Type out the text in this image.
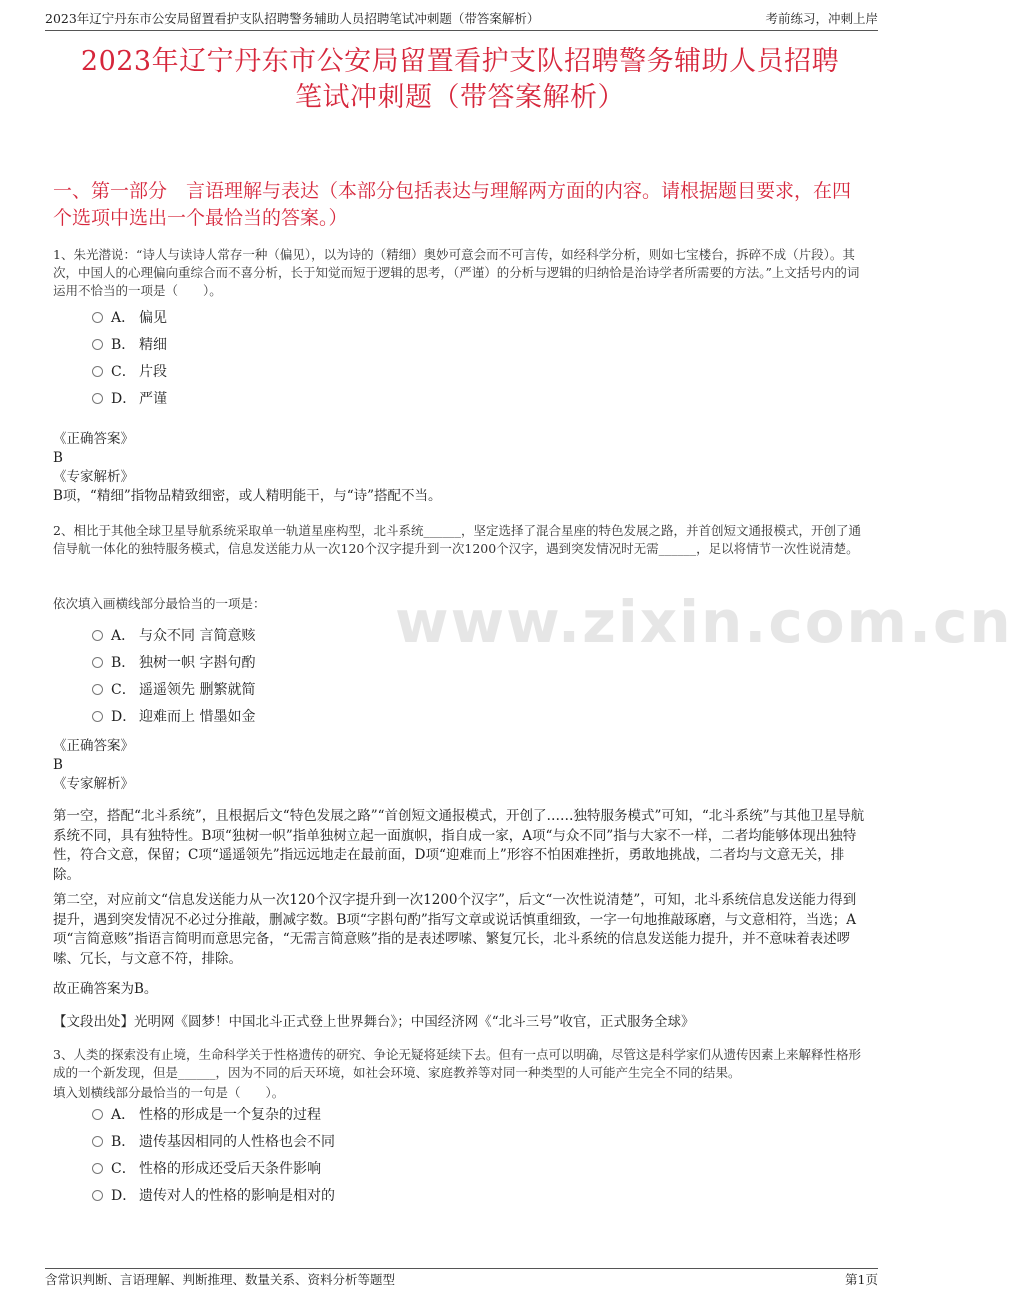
2023年辽宁丹东市公安局留置看护支队招聘警务辅助人员招聘笔试冲刺题（带答案解析）	考前练习，冲刺上岸
2023年辽宁丹东市公安局留置看护支队招聘警务辅助人员招聘
笔试冲刺题（带答案解析）
一、第一部分　言语理解与表达（本部分包括表达与理解两方面的内容。请根据题目要求，在四个选项中选出一个最恰当的答案。）
www.zixin.com.cn
1、朱光潜说：“诗人与读诗人常存一种（偏见），以为诗的（精细）奥妙可意会而不可言传，如经科学分析，则如七宝楼台，拆碎不成（片段）。其次，中国人的心理偏向重综合而不喜分析，长于知觉而短于逻辑的思考，（严谨）的分析与逻辑的归纳恰是治诗学者所需要的方法。”上文括号内的词运用不恰当的一项是（　　）。
A． 偏见
B． 精细
C． 片段
D． 严谨
《正确答案》
B
《专家解析》
B项，“精细”指物品精致细密，或人精明能干，与“诗”搭配不当。
2、相比于其他全球卫星导航系统采取单一轨道星座构型，北斗系统______，坚定选择了混合星座的特色发展之路，并首创短文通报模式，开创了通信导航一体化的独特服务模式，信息发送能力从一次120个汉字提升到一次1200个汉字，遇到突发情况时无需______，足以将情节一次性说清楚。
依次填入画横线部分最恰当的一项是：
A． 与众不同 言简意赅
B． 独树一帜 字斟句酌
C． 遥遥领先 删繁就简
D． 迎难而上 惜墨如金
《正确答案》
B
《专家解析》
第一空，搭配“北斗系统”，且根据后文“特色发展之路”“首创短文通报模式，开创了……独特服务模式”可知，“北斗系统”与其他卫星导航系统不同，具有独特性。B项“独树一帜”指单独树立起一面旗帜，指自成一家，A项“与众不同”指与大家不一样，二者均能够体现出独特性，符合文意，保留；C项“遥遥领先”指远远地走在最前面，D项“迎难而上”形容不怕困难挫折，勇敢地挑战，二者均与文意无关，排除。
第二空，对应前文“信息发送能力从一次120个汉字提升到一次1200个汉字”，后文“一次性说清楚”，可知，北斗系统信息发送能力得到提升，遇到突发情况不必过分推敲，删减字数。B项“字斟句酌”指写文章或说话慎重细致，一字一句地推敲琢磨，与文意相符，当选；A项“言简意赅”指语言简明而意思完备，“无需言简意赅”指的是表述啰嗦、繁复冗长，北斗系统的信息发送能力提升，并不意味着表述啰嗦、冗长，与文意不符，排除。
故正确答案为B。
【文段出处】光明网《圆梦！中国北斗正式登上世界舞台》；中国经济网《“北斗三号”收官，正式服务全球》
3、人类的探索没有止境，生命科学关于性格遗传的研究、争论无疑将延续下去。但有一点可以明确，尽管这是科学家们从遗传因素上来解释性格形成的一个新发现，但是______，因为不同的后天环境，如社会环境、家庭教养等对同一种类型的人可能产生完全不同的结果。
填入划横线部分最恰当的一句是（　　）。
A． 性格的形成是一个复杂的过程
B． 遗传基因相同的人性格也会不同
C． 性格的形成还受后天条件影响
D． 遗传对人的性格的影响是相对的
含常识判断、言语理解、判断推理、数量关系、资料分析等题型	第1页
